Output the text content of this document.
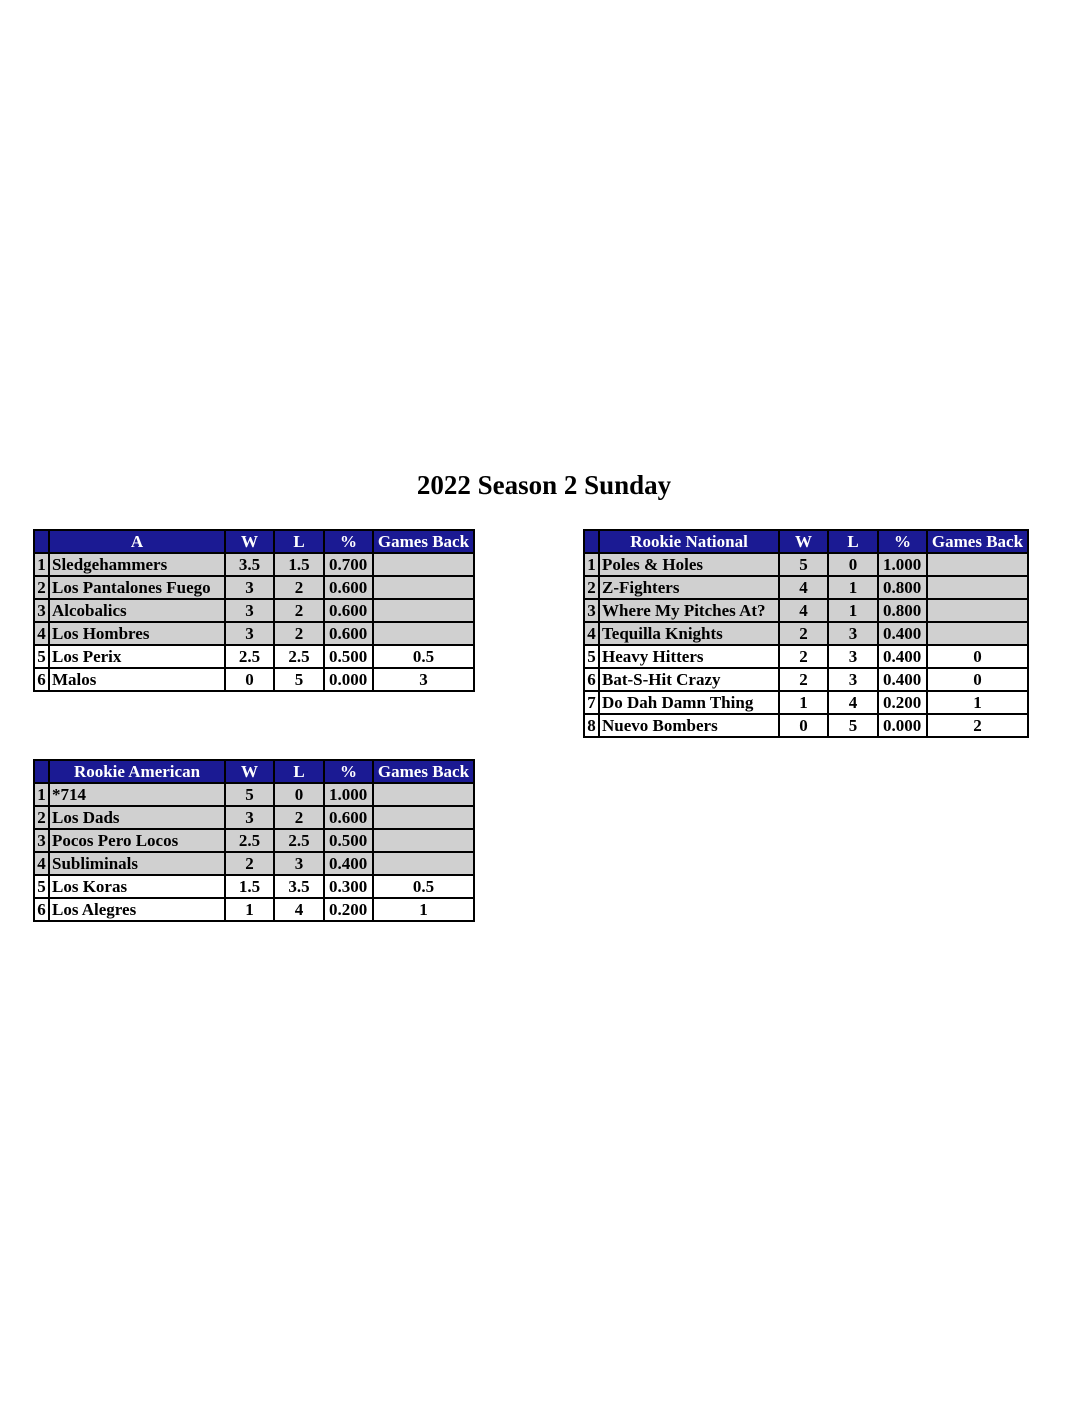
2022 Season 2 Sunday
	A	W	L	%	Games Back
1	Sledgehammers	3.5	1.5	0.700	
2	Los Pantalones Fuego	3	2	0.600	
3	Alcobalics	3	2	0.600	
4	Los Hombres	3	2	0.600	
5	Los Perix	2.5	2.5	0.500	0.5
6	Malos	0	5	0.000	3
	Rookie National	W	L	%	Games Back
1	Poles & Holes	5	0	1.000	
2	Z-Fighters	4	1	0.800	
3	Where My Pitches At?	4	1	0.800	
4	Tequilla Knights	2	3	0.400	
5	Heavy Hitters	2	3	0.400	0
6	Bat-S-Hit Crazy	2	3	0.400	0
7	Do Dah Damn Thing	1	4	0.200	1
8	Nuevo Bombers	0	5	0.000	2
	Rookie American	W	L	%	Games Back
1	*714	5	0	1.000	
2	Los Dads	3	2	0.600	
3	Pocos Pero Locos	2.5	2.5	0.500	
4	Subliminals	2	3	0.400	
5	Los Koras	1.5	3.5	0.300	0.5
6	Los Alegres	1	4	0.200	1
